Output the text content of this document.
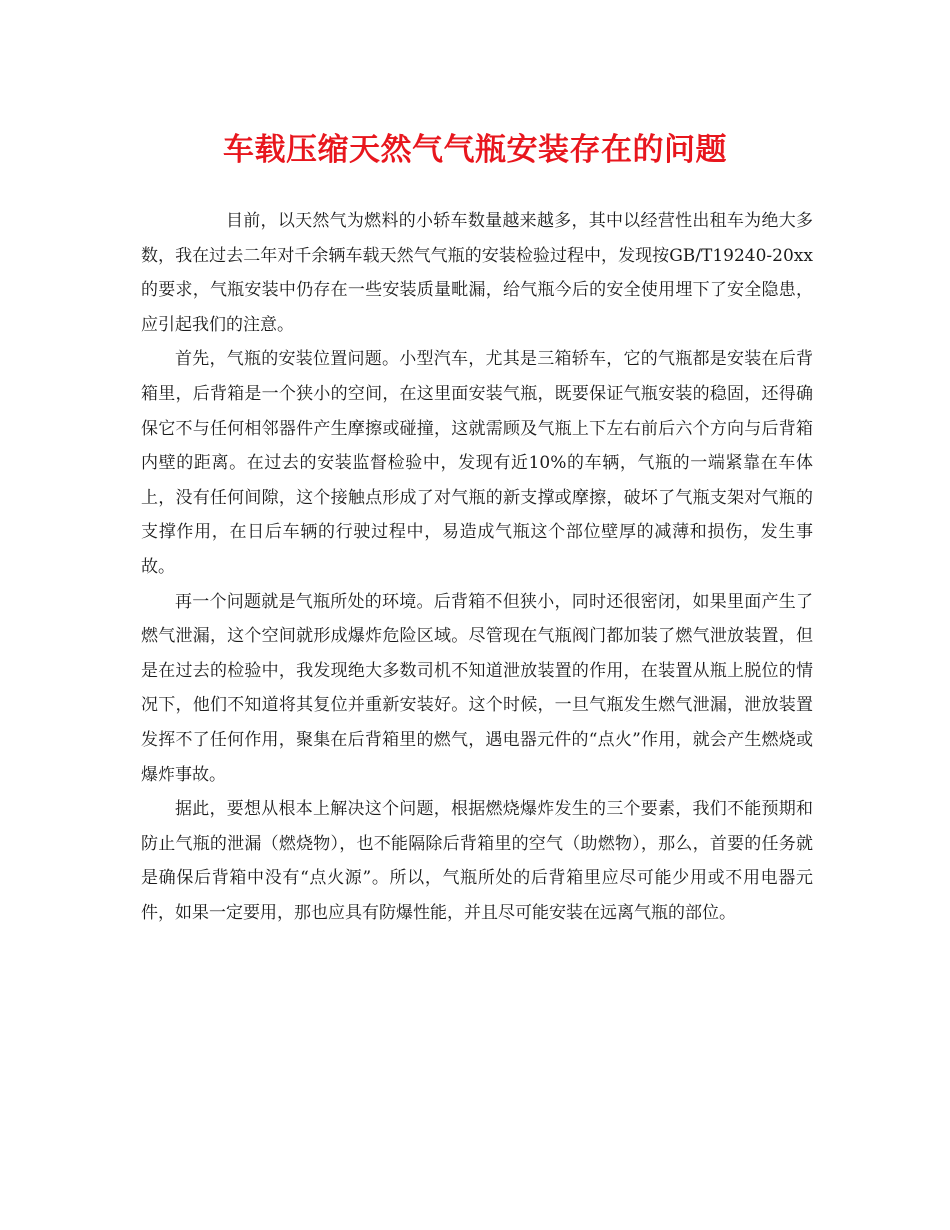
车载压缩天然气气瓶安装存在的问题

目前，以天然气为燃料的小轿车数量越来越多，其中以经营性出租车为绝大多数，我在过去二年对千余辆车载天然气气瓶的安装检验过程中，发现按GB/T19240-20xx的要求，气瓶安装中仍存在一些安装质量毗漏，给气瓶今后的安全使用埋下了安全隐患，应引起我们的注意。

首先，气瓶的安装位置问题。小型汽车，尤其是三箱轿车，它的气瓶都是安装在后背箱里，后背箱是一个狭小的空间，在这里面安装气瓶，既要保证气瓶安装的稳固，还得确保它不与任何相邻器件产生摩擦或碰撞，这就需顾及气瓶上下左右前后六个方向与后背箱内壁的距离。在过去的安装监督检验中，发现有近10%的车辆，气瓶的一端紧靠在车体上，没有任何间隙，这个接触点形成了对气瓶的新支撑或摩擦，破坏了气瓶支架对气瓶的支撑作用，在日后车辆的行驶过程中，易造成气瓶这个部位壁厚的减薄和损伤，发生事故。

再一个问题就是气瓶所处的环境。后背箱不但狭小，同时还很密闭，如果里面产生了燃气泄漏，这个空间就形成爆炸危险区域。尽管现在气瓶阀门都加装了燃气泄放装置，但是在过去的检验中，我发现绝大多数司机不知道泄放装置的作用，在装置从瓶上脱位的情况下，他们不知道将其复位并重新安装好。这个时候，一旦气瓶发生燃气泄漏，泄放装置发挥不了任何作用，聚集在后背箱里的燃气，遇电器元件的“点火”作用，就会产生燃烧或爆炸事故。

据此，要想从根本上解决这个问题，根据燃烧爆炸发生的三个要素，我们不能预期和防止气瓶的泄漏（燃烧物），也不能隔除后背箱里的空气（助燃物），那么，首要的任务就是确保后背箱中没有“点火源”。所以，气瓶所处的后背箱里应尽可能少用或不用电器元件，如果一定要用，那也应具有防爆性能，并且尽可能安装在远离气瓶的部位。
